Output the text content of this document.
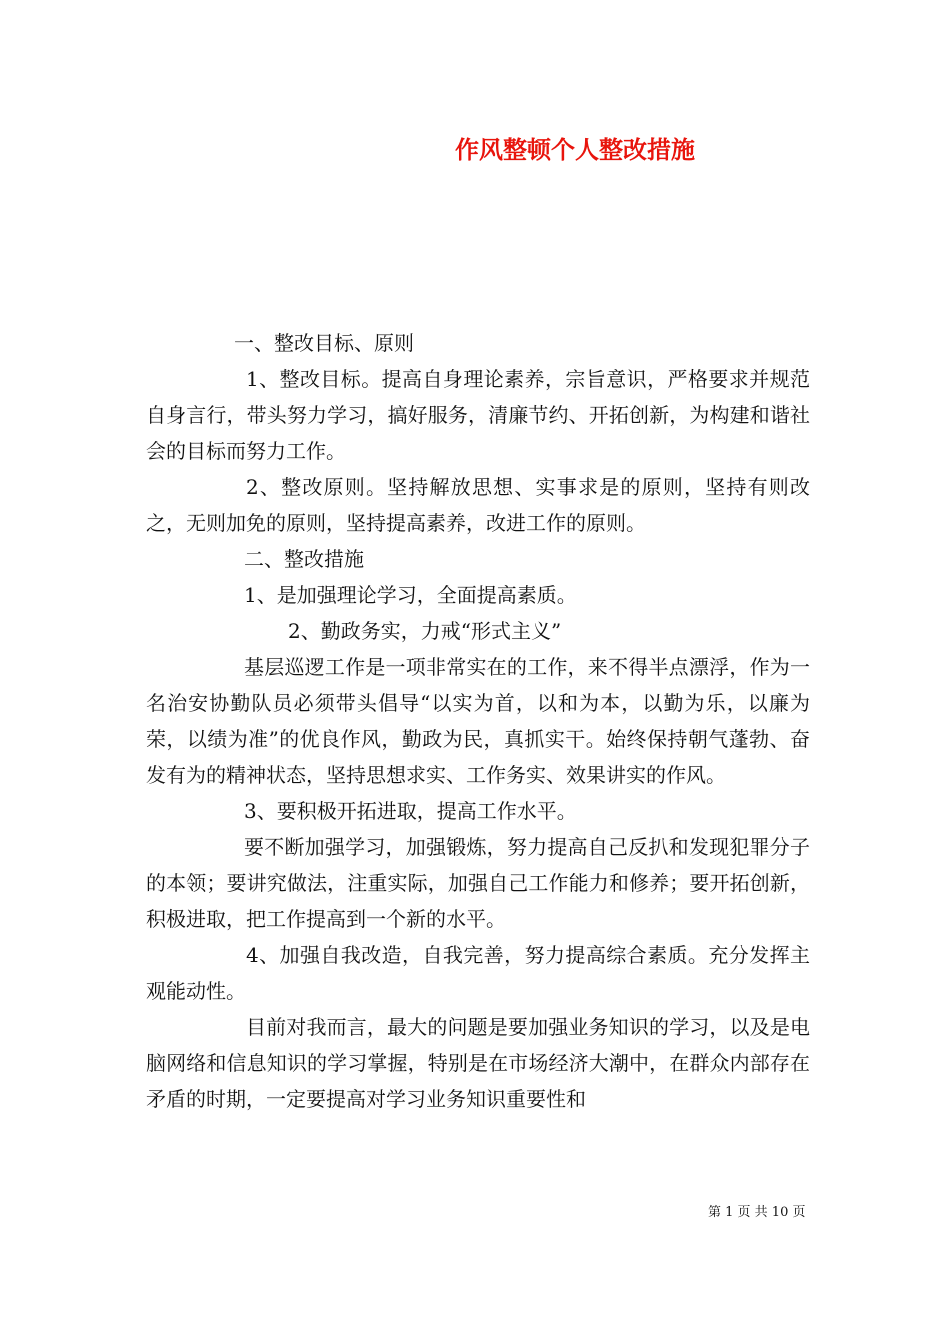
作风整顿个人整改措施

一、整改目标、原则

1、整改目标。提高自身理论素养，宗旨意识，严格要求并规范自身言行，带头努力学习，搞好服务，清廉节约、开拓创新，为构建和谐社会的目标而努力工作。

2、整改原则。坚持解放思想、实事求是的原则，坚持有则改之，无则加免的原则，坚持提高素养，改进工作的原则。

二、整改措施

1、是加强理论学习，全面提高素质。

2、勤政务实，力戒“形式主义”

基层巡逻工作是一项非常实在的工作，来不得半点漂浮，作为一名治安协勤队员必须带头倡导“以实为首，以和为本，以勤为乐，以廉为荣，以绩为准”的优良作风，勤政为民，真抓实干。始终保持朝气蓬勃、奋发有为的精神状态，坚持思想求实、工作务实、效果讲实的作风。

3、要积极开拓进取，提高工作水平。

要不断加强学习，加强锻炼，努力提高自己反扒和发现犯罪分子的本领；要讲究做法，注重实际，加强自己工作能力和修养；要开拓创新，积极进取，把工作提高到一个新的水平。

4、加强自我改造，自我完善，努力提高综合素质。充分发挥主观能动性。

目前对我而言，最大的问题是要加强业务知识的学习，以及是电脑网络和信息知识的学习掌握，特别是在市场经济大潮中，在群众内部存在矛盾的时期，一定要提高对学习业务知识重要性和

第 1 页 共 10 页
